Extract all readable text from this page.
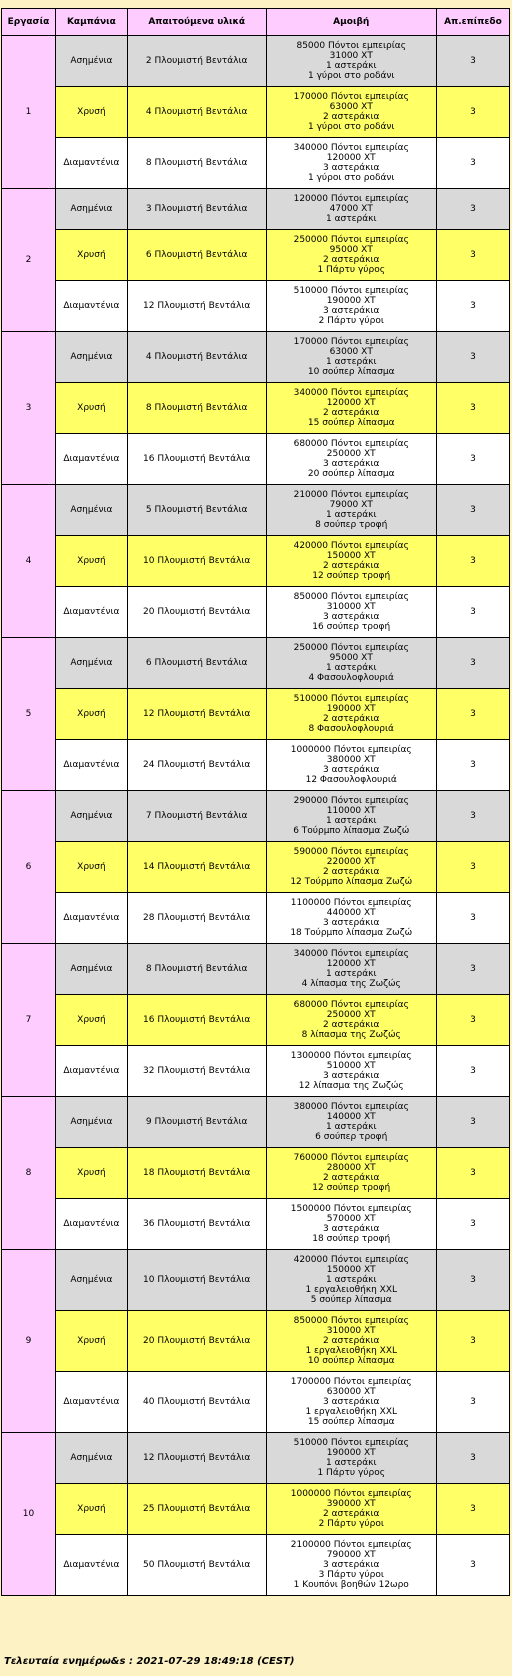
Εργασία	Καμπάνια	Απαιτούμενα υλικά	Αμοιβή	Απ.επίπεδο
1	Ασημένια	2 Πλουμιστή Βεντάλια	85000 Πόντοι εμπειρίας
31000 ΧΤ
1 αστεράκι
1 γύροι στο ροδάνι	3
	Χρυσή	4 Πλουμιστή Βεντάλια	170000 Πόντοι εμπειρίας
63000 ΧΤ
2 αστεράκια
1 γύροι στο ροδάνι	3
	Διαμαντένια	8 Πλουμιστή Βεντάλια	340000 Πόντοι εμπειρίας
120000 ΧΤ
3 αστεράκια
1 γύροι στο ροδάνι	3
2	Ασημένια	3 Πλουμιστή Βεντάλια	120000 Πόντοι εμπειρίας
47000 ΧΤ
1 αστεράκι	3
	Χρυσή	6 Πλουμιστή Βεντάλια	250000 Πόντοι εμπειρίας
95000 ΧΤ
2 αστεράκια
1 Πάρτυ γύρος	3
	Διαμαντένια	12 Πλουμιστή Βεντάλια	510000 Πόντοι εμπειρίας
190000 ΧΤ
3 αστεράκια
2 Πάρτυ γύροι	3
3	Ασημένια	4 Πλουμιστή Βεντάλια	170000 Πόντοι εμπειρίας
63000 ΧΤ
1 αστεράκι
10 σούπερ λίπασμα	3
	Χρυσή	8 Πλουμιστή Βεντάλια	340000 Πόντοι εμπειρίας
120000 ΧΤ
2 αστεράκια
15 σούπερ λίπασμα	3
	Διαμαντένια	16 Πλουμιστή Βεντάλια	680000 Πόντοι εμπειρίας
250000 ΧΤ
3 αστεράκια
20 σούπερ λίπασμα	3
4	Ασημένια	5 Πλουμιστή Βεντάλια	210000 Πόντοι εμπειρίας
79000 ΧΤ
1 αστεράκι
8 σούπερ τροφή	3
	Χρυσή	10 Πλουμιστή Βεντάλια	420000 Πόντοι εμπειρίας
150000 ΧΤ
2 αστεράκια
12 σούπερ τροφή	3
	Διαμαντένια	20 Πλουμιστή Βεντάλια	850000 Πόντοι εμπειρίας
310000 ΧΤ
3 αστεράκια
16 σούπερ τροφή	3
5	Ασημένια	6 Πλουμιστή Βεντάλια	250000 Πόντοι εμπειρίας
95000 ΧΤ
1 αστεράκι
4 Φασουλοφλουριά	3
	Χρυσή	12 Πλουμιστή Βεντάλια	510000 Πόντοι εμπειρίας
190000 ΧΤ
2 αστεράκια
8 Φασουλοφλουριά	3
	Διαμαντένια	24 Πλουμιστή Βεντάλια	1000000 Πόντοι εμπειρίας
380000 ΧΤ
3 αστεράκια
12 Φασουλοφλουριά	3
6	Ασημένια	7 Πλουμιστή Βεντάλια	290000 Πόντοι εμπειρίας
110000 ΧΤ
1 αστεράκι
6 Τούρμπο λίπασμα Ζωζώ	3
	Χρυσή	14 Πλουμιστή Βεντάλια	590000 Πόντοι εμπειρίας
220000 ΧΤ
2 αστεράκια
12 Τούρμπο λίπασμα Ζωζώ	3
	Διαμαντένια	28 Πλουμιστή Βεντάλια	1100000 Πόντοι εμπειρίας
440000 ΧΤ
3 αστεράκια
18 Τούρμπο λίπασμα Ζωζώ	3
7	Ασημένια	8 Πλουμιστή Βεντάλια	340000 Πόντοι εμπειρίας
120000 ΧΤ
1 αστεράκι
4 λίπασμα της Ζωζώς	3
	Χρυσή	16 Πλουμιστή Βεντάλια	680000 Πόντοι εμπειρίας
250000 ΧΤ
2 αστεράκια
8 λίπασμα της Ζωζώς	3
	Διαμαντένια	32 Πλουμιστή Βεντάλια	1300000 Πόντοι εμπειρίας
510000 ΧΤ
3 αστεράκια
12 λίπασμα της Ζωζώς	3
8	Ασημένια	9 Πλουμιστή Βεντάλια	380000 Πόντοι εμπειρίας
140000 ΧΤ
1 αστεράκι
6 σούπερ τροφή	3
	Χρυσή	18 Πλουμιστή Βεντάλια	760000 Πόντοι εμπειρίας
280000 ΧΤ
2 αστεράκια
12 σούπερ τροφή	3
	Διαμαντένια	36 Πλουμιστή Βεντάλια	1500000 Πόντοι εμπειρίας
570000 ΧΤ
3 αστεράκια
18 σούπερ τροφή	3
9	Ασημένια	10 Πλουμιστή Βεντάλια	420000 Πόντοι εμπειρίας
150000 ΧΤ
1 αστεράκι
1 εργαλειοθήκη XXL
5 σούπερ λίπασμα	3
	Χρυσή	20 Πλουμιστή Βεντάλια	850000 Πόντοι εμπειρίας
310000 ΧΤ
2 αστεράκια
1 εργαλειοθήκη XXL
10 σούπερ λίπασμα	3
	Διαμαντένια	40 Πλουμιστή Βεντάλια	1700000 Πόντοι εμπειρίας
630000 ΧΤ
3 αστεράκια
1 εργαλειοθήκη XXL
15 σούπερ λίπασμα	3
10	Ασημένια	12 Πλουμιστή Βεντάλια	510000 Πόντοι εμπειρίας
190000 ΧΤ
1 αστεράκι
1 Πάρτυ γύρος	3
	Χρυσή	25 Πλουμιστή Βεντάλια	1000000 Πόντοι εμπειρίας
390000 ΧΤ
2 αστεράκια
2 Πάρτυ γύροι	3
	Διαμαντένια	50 Πλουμιστή Βεντάλια	2100000 Πόντοι εμπειρίας
790000 ΧΤ
3 αστεράκια
3 Πάρτυ γύροι
1 Κουπόνι βοηθών 12ωρο	3
Τελευταία ενημέρω&s : 2021-07-29 18:49:18 (CEST)
